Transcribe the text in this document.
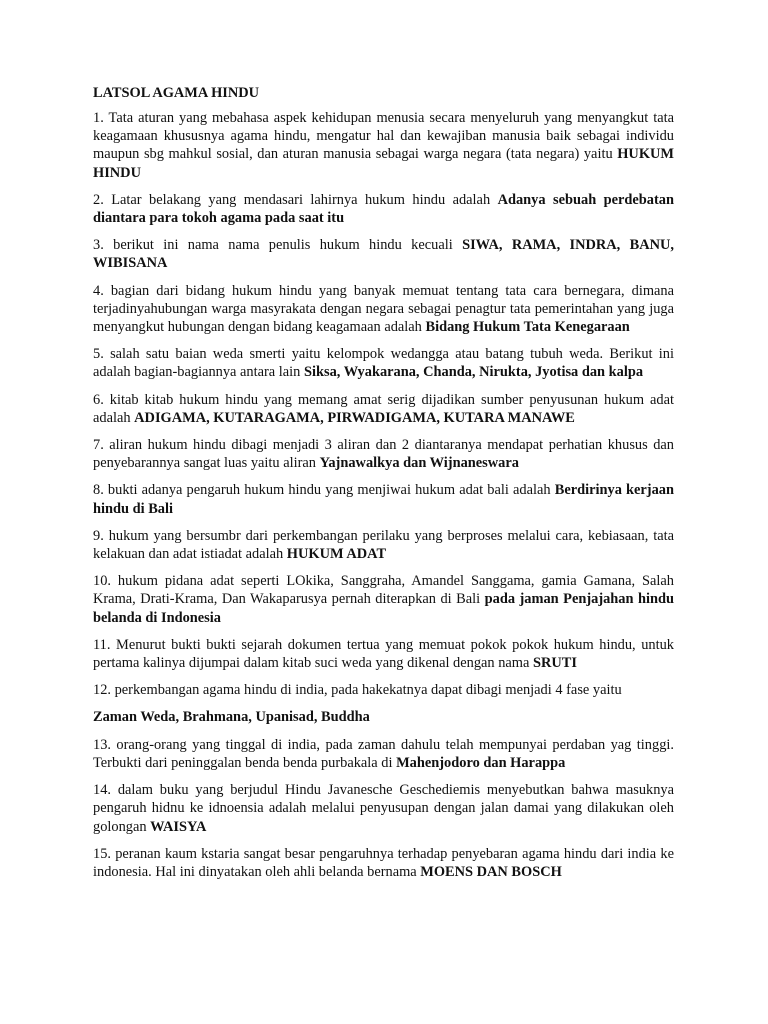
LATSOL AGAMA HINDU
1. Tata aturan yang mebahasa aspek kehidupan menusia secara menyeluruh yang menyangkut tata keagamaan khususnya agama hindu, mengatur hal dan kewajiban manusia baik sebagai individu maupun sbg mahkul sosial, dan aturan manusia sebagai warga negara (tata negara) yaitu HUKUM HINDU
2. Latar belakang yang mendasari lahirnya hukum hindu adalah Adanya sebuah perdebatan diantara para tokoh agama pada saat itu
3. berikut ini nama nama penulis hukum hindu kecuali SIWA, RAMA, INDRA, BANU, WIBISANA
4. bagian dari bidang hukum hindu yang banyak memuat tentang tata cara bernegara, dimana terjadinyahubungan warga masyrakata dengan negara sebagai penagtur tata pemerintahan yang juga menyangkut hubungan dengan bidang keagamaan adalah Bidang Hukum Tata Kenegaraan
5. salah satu baian weda smerti yaitu kelompok wedangga atau batang tubuh weda. Berikut ini adalah bagian-bagiannya antara lain Siksa, Wyakarana, Chanda, Nirukta, Jyotisa dan kalpa
6. kitab kitab hukum hindu yang memang amat serig dijadikan sumber penyusunan hukum adat adalah ADIGAMA, KUTARAGAMA, PIRWADIGAMA, KUTARA MANAWE
7. aliran hukum hindu dibagi menjadi 3 aliran dan 2 diantaranya mendapat perhatian khusus dan penyebarannya sangat luas yaitu aliran Yajnawalkya dan Wijnaneswara
8. bukti adanya pengaruh hukum hindu yang menjiwai hukum adat bali adalah Berdirinya kerjaan hindu di Bali
9. hukum yang bersumbr dari perkembangan perilaku yang berproses melalui cara, kebiasaan, tata kelakuan dan adat istiadat adalah HUKUM ADAT
10. hukum pidana adat seperti LOkika, Sanggraha, Amandel Sanggama, gamia Gamana, Salah Krama, Drati-Krama, Dan Wakaparusya pernah diterapkan di Bali pada jaman Penjajahan hindu belanda di Indonesia
11. Menurut bukti bukti sejarah dokumen tertua yang memuat pokok pokok hukum hindu, untuk pertama kalinya dijumpai dalam kitab suci weda yang dikenal dengan nama SRUTI
12. perkembangan agama hindu di india, pada hakekatnya dapat dibagi menjadi 4 fase yaitu
Zaman Weda, Brahmana, Upanisad, Buddha
13. orang-orang yang tinggal di india, pada zaman dahulu telah mempunyai perdaban yag tinggi. Terbukti dari peninggalan benda benda purbakala di Mahenjodoro dan Harappa
14. dalam buku yang berjudul Hindu Javanesche Geschediemis menyebutkan bahwa masuknya pengaruh hidnu ke idnoensia adalah melalui penyusupan dengan jalan damai yang dilakukan oleh golongan WAISYA
15. peranan kaum kstaria sangat besar pengaruhnya terhadap penyebaran agama hindu dari india ke indonesia. Hal ini dinyatakan oleh ahli belanda bernama MOENS DAN BOSCH
